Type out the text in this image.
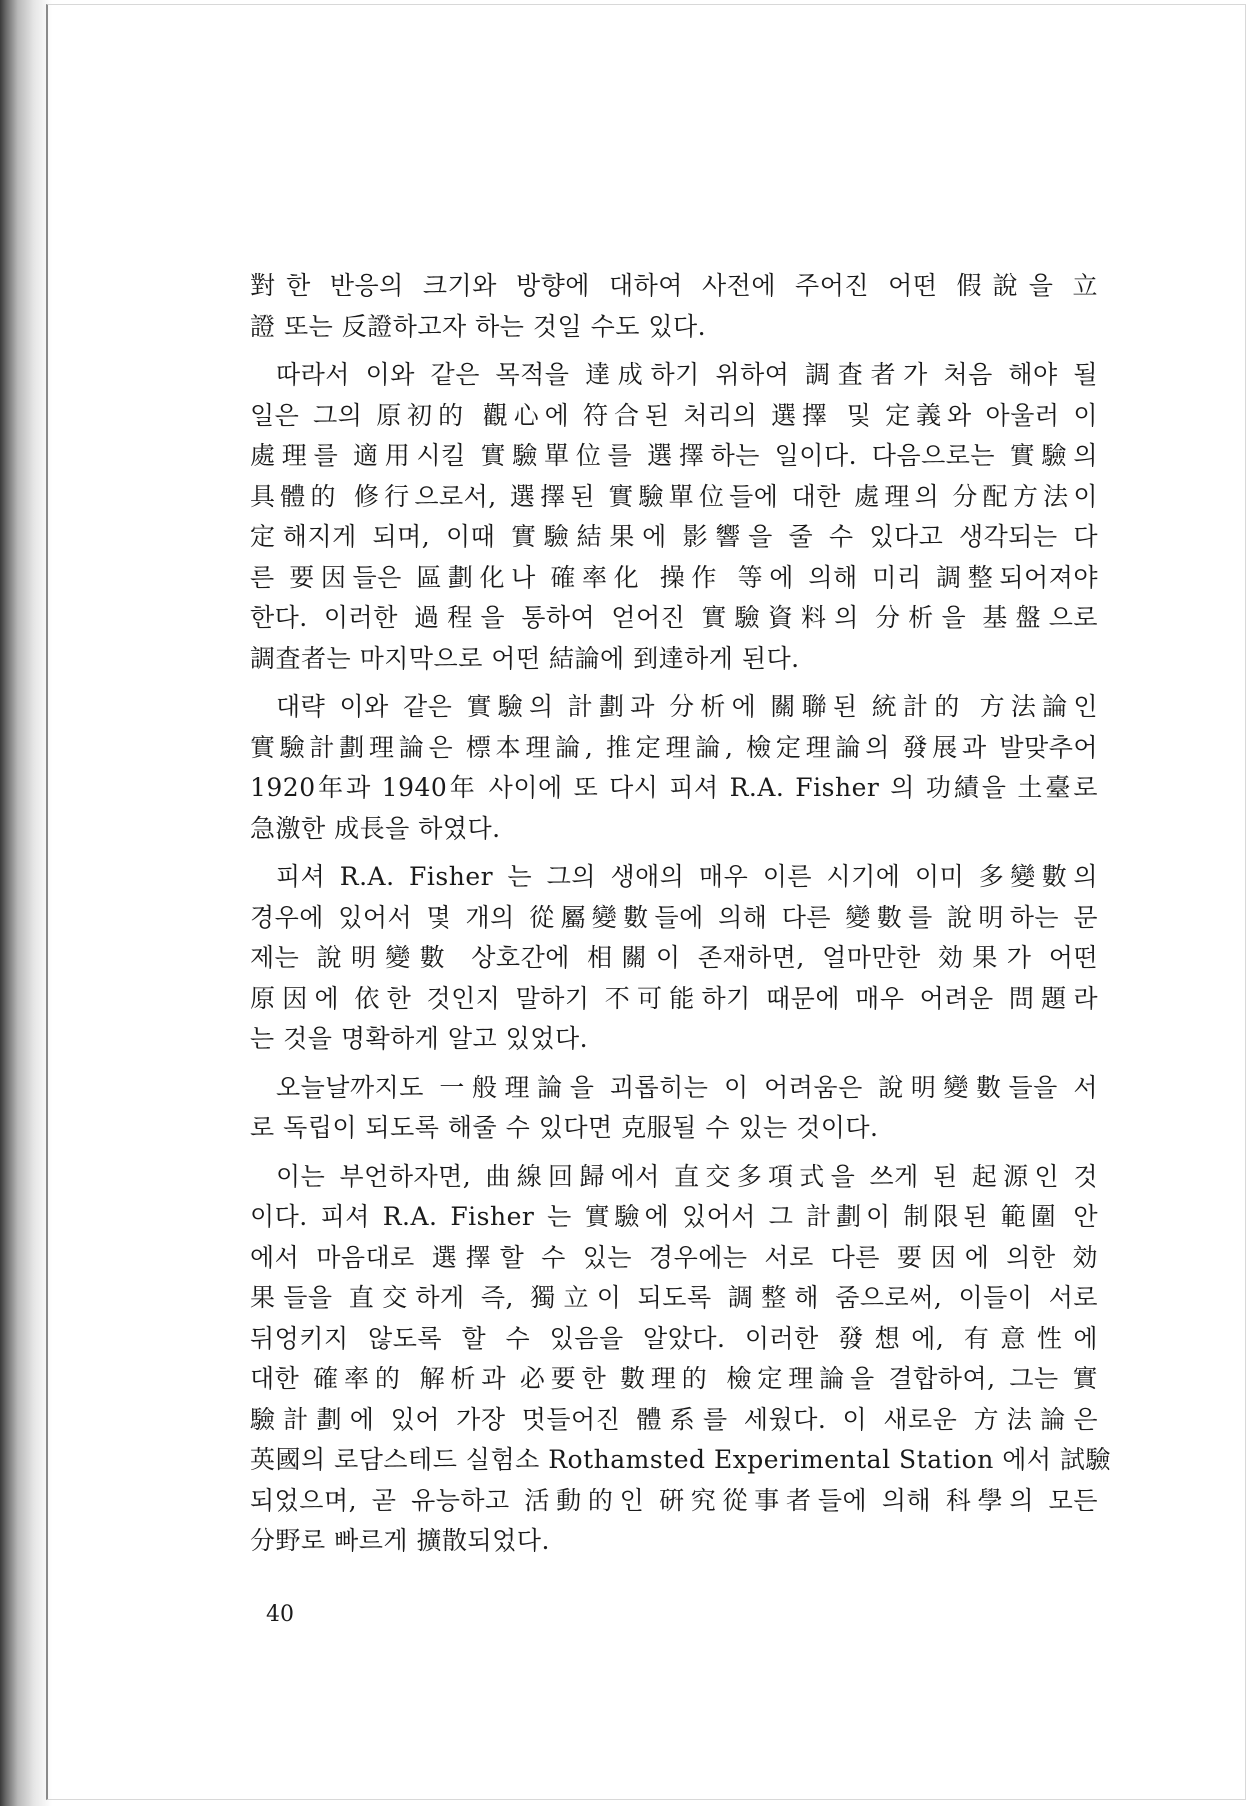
對한 반응의 크기와 방향에 대하여 사전에 주어진 어떤 假說을 立
證 또는 反證하고자 하는 것일 수도 있다.

따라서 이와 같은 목적을 達成하기 위하여 調査者가 처음 해야 될
일은 그의 原初的 觀心에 符合된 처리의 選擇 및 定義와 아울러 이
處理를 適用시킬 實驗單位를 選擇하는 일이다. 다음으로는 實驗의
具體的 修行으로서, 選擇된 實驗單位들에 대한 處理의 分配方法이
定해지게 되며, 이때 實驗結果에 影響을 줄 수 있다고 생각되는 다
른 要因들은 區劃化나 確率化 操作 等에 의해 미리 調整되어져야
한다. 이러한 過程을 통하여 얻어진 實驗資料의 分析을 基盤으로
調査者는 마지막으로 어떤 結論에 到達하게 된다.

대략 이와 같은 實驗의 計劃과 分析에 關聯된 統計的 方法論인
實驗計劃理論은 標本理論, 推定理論, 檢定理論의 發展과 발맞추어
1920年과 1940年 사이에 또 다시 피셔 R.A. Fisher 의 功績을 土臺로
急激한 成長을 하였다.

피셔 R.A. Fisher 는 그의 생애의 매우 이른 시기에 이미 多變數의
경우에 있어서 몇 개의 從屬變數들에 의해 다른 變數를 說明하는 문
제는 說明變數 상호간에 相關이 존재하면, 얼마만한 効果가 어떤
原因에 依한 것인지 말하기 不可能하기 때문에 매우 어려운 問題라
는 것을 명확하게 알고 있었다.

오늘날까지도 一般理論을 괴롭히는 이 어려움은 說明變數들을 서
로 독립이 되도록 해줄 수 있다면 克服될 수 있는 것이다.

이는 부언하자면, 曲線回歸에서 直交多項式을 쓰게 된 起源인 것
이다. 피셔 R.A. Fisher 는 實驗에 있어서 그 計劃이 制限된 範圍 안
에서 마음대로 選擇할 수 있는 경우에는 서로 다른 要因에 의한 効
果들을 直交하게 즉, 獨立이 되도록 調整해 줌으로써, 이들이 서로
뒤엉키지 않도록 할 수 있음을 알았다. 이러한 發想에, 有意性에
대한 確率的 解析과 必要한 數理的 檢定理論을 결합하여, 그는 實
驗計劃에 있어 가장 멋들어진 體系를 세웠다. 이 새로운 方法論은
英國의 로담스테드 실험소 Rothamsted Experimental Station 에서 試驗
되었으며, 곧 유능하고 活動的인 硏究從事者들에 의해 科學의 모든
分野로 빠르게 擴散되었다.

40
